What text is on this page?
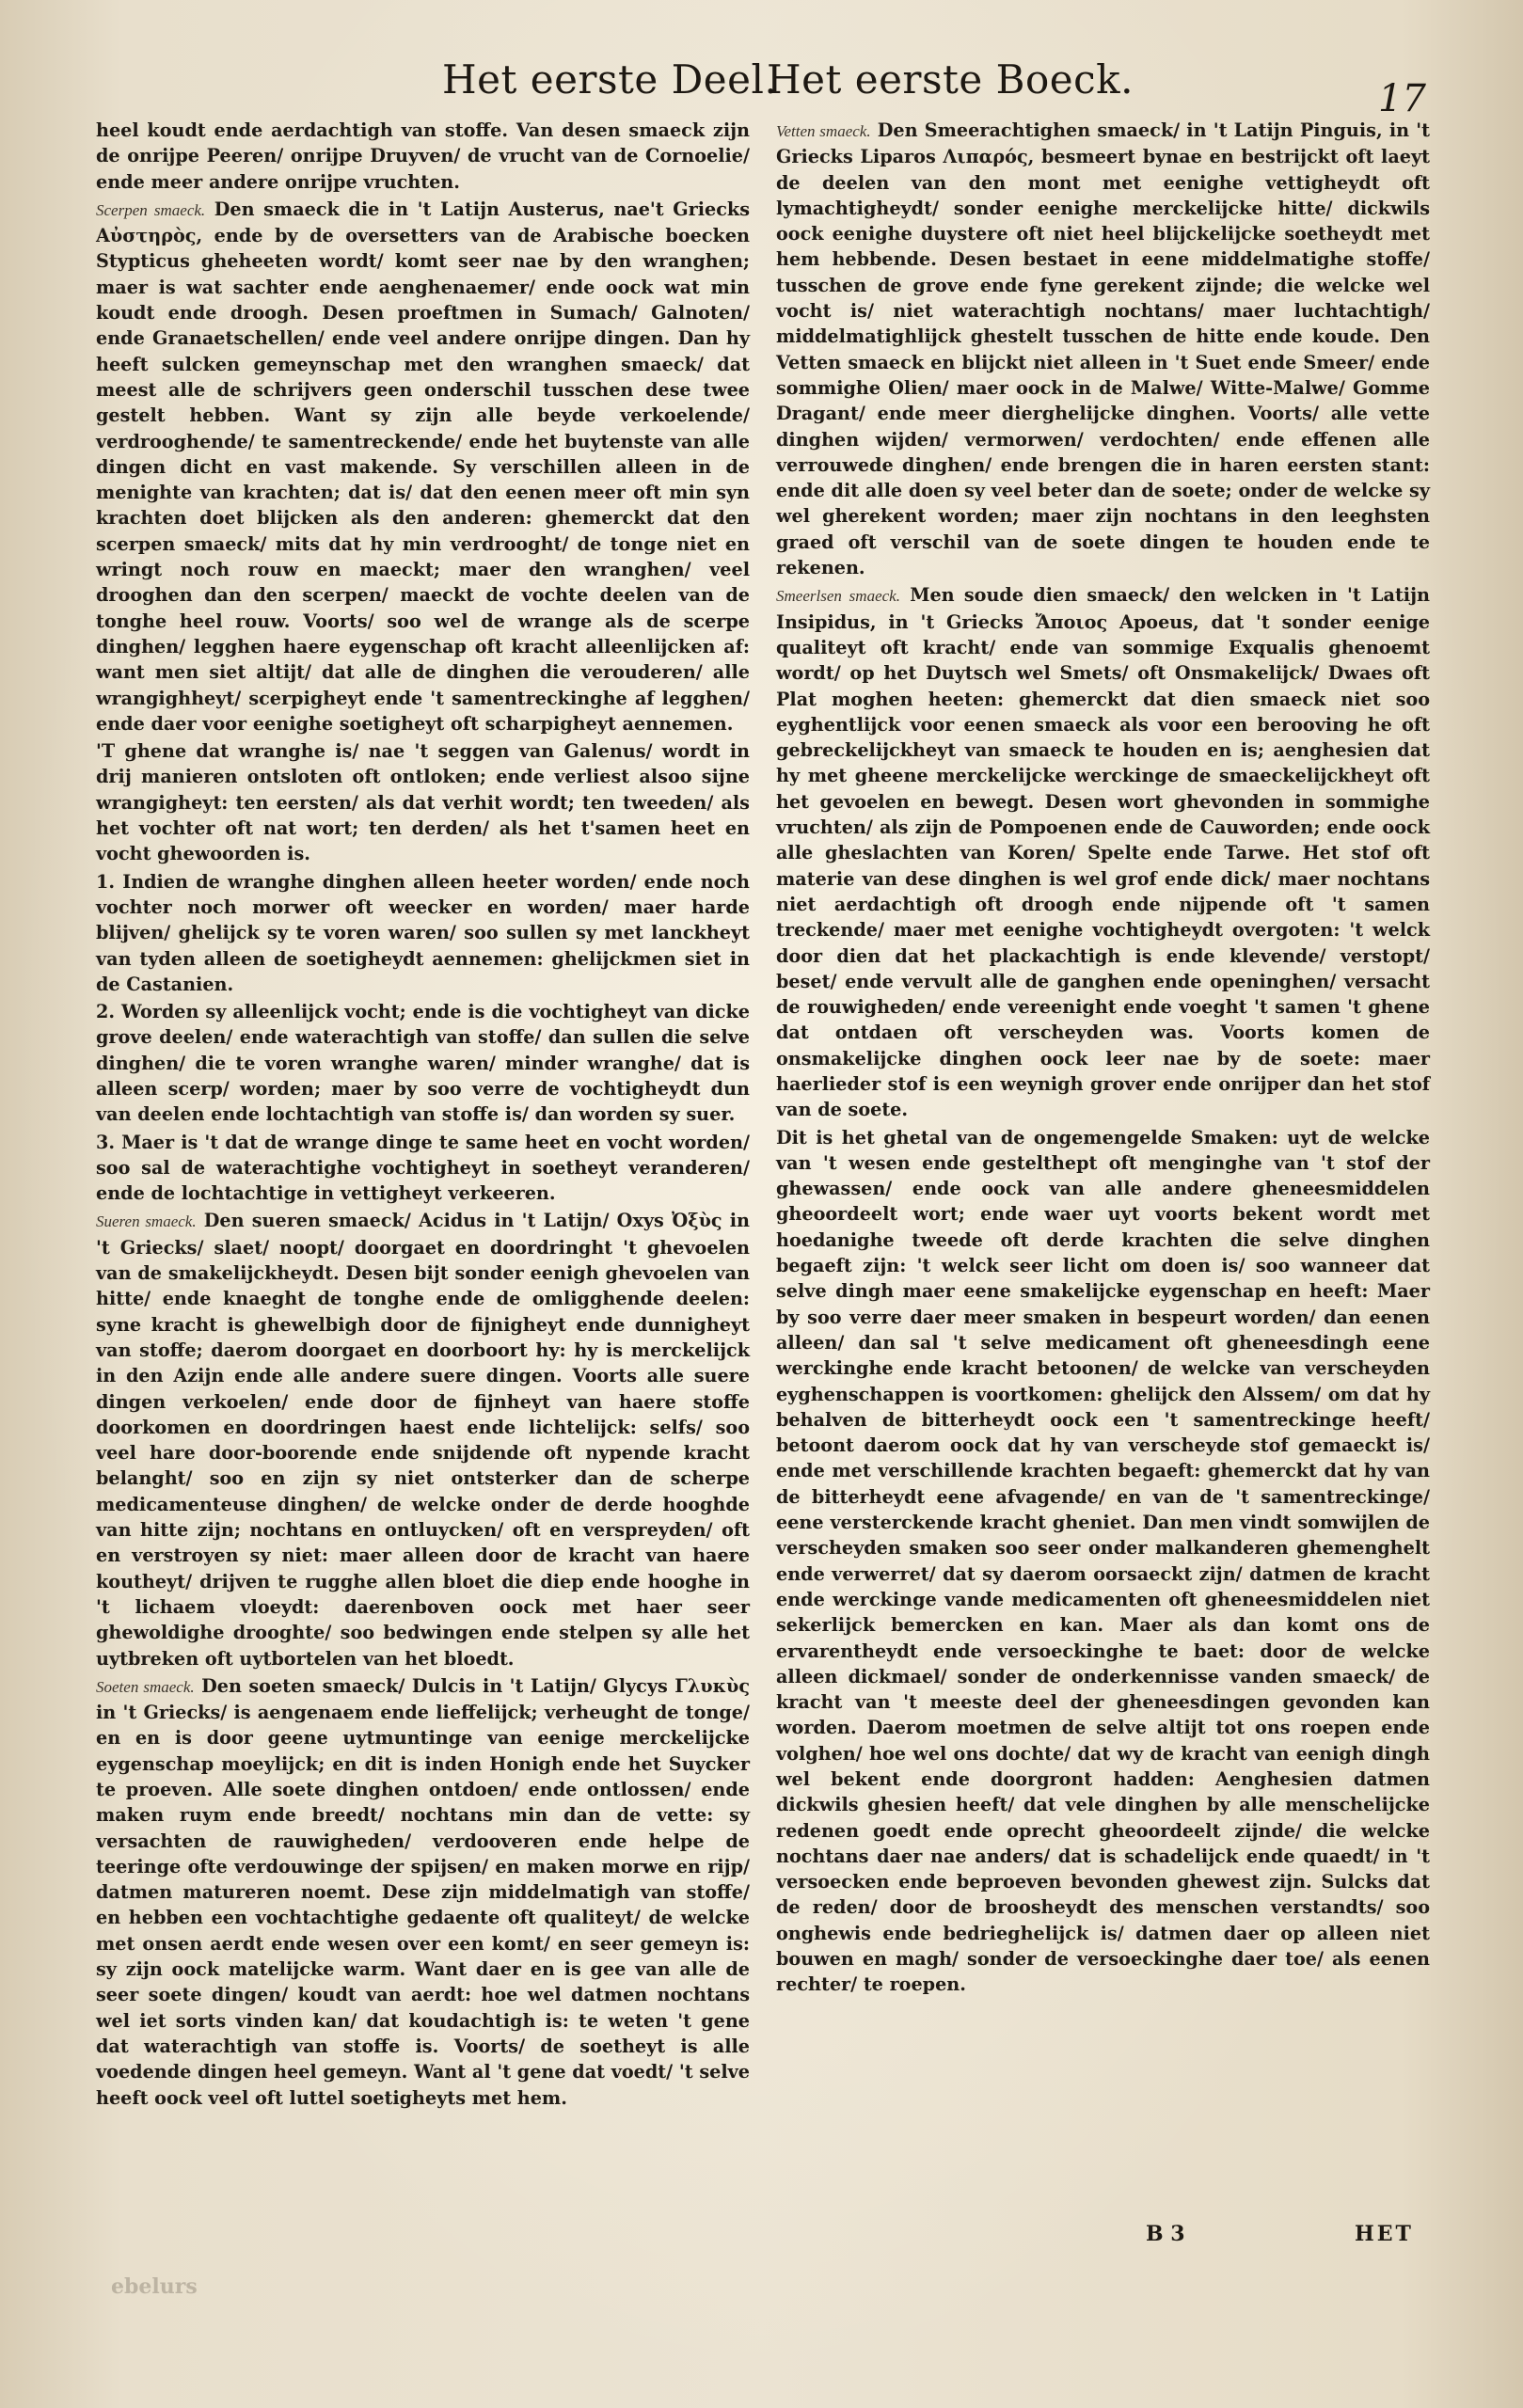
Het eerste Deel.
Het eerste Boeck.	17

heel koudt ende aerdachtigh van stoffe. Van desen smaeck zijn de onrijpe Peeren/ onrijpe Druyven/ de vrucht van de Cornoelie/ ende meer andere onrijpe vruchten.

Scerpen smaeck. Den smaeck die in 't Latijn Austerus, nae't Griecks Αὐστηρὸς, ende by de oversetters van de Arabische boecken Stypticus gheheeten wordt/ komt seer nae by den wranghen; maer is wat sachter ende aenghenaemer/ ende oock wat min koudt ende droogh. Desen proeftmen in Sumach/ Galnoten/ ende Granaetschellen/ ende veel andere onrijpe dingen. Dan hy heeft sulcken gemeynschap met den wranghen smaeck/ dat meest alle de schrijvers geen onderschil tusschen dese twee gestelt hebben. Want sy zijn alle beyde verkoelende/ verdrooghende/ te samentreckende/ ende het buytenste van alle dingen dicht en vast makende. Sy verschillen alleen in de menighte van krachten; dat is/ dat den eenen meer oft min syn krachten doet blijcken als den anderen: ghemerckt dat den scerpen smaeck/ mits dat hy min verdrooght/ de tonge niet en wringt noch rouw en maeckt; maer den wranghen/ veel drooghen dan den scerpen/ maeckt de vochte deelen van de tonghe heel rouw. Voorts/ soo wel de wrange als de scerpe dinghen/ legghen haere eygenschap oft kracht alleenlijcken af: want men siet altijt/ dat alle de dinghen die verouderen/ alle wrangighheyt/ scerpigheyt ende 't samentreckinghe af legghen/ ende daer voor eenighe soetigheyt oft scharpigheyt aennemen.

'T ghene dat wranghe is/ nae 't seggen van Galenus/ wordt in drij manieren ontsloten oft ontloken; ende verliest alsoo sijne wrangigheyt: ten eersten/ als dat verhit wordt; ten tweeden/ als het vochter oft nat wort; ten derden/ als het t'samen heet en vocht ghewoorden is.

1. Indien de wranghe dinghen alleen heeter worden/ ende noch vochter noch morwer oft weecker en worden/ maer harde blijven/ ghelijck sy te voren waren/ soo sullen sy met lanckheyt van tyden alleen de soetigheydt aennemen: ghelijckmen siet in de Castanien.

2. Worden sy alleenlijck vocht; ende is die vochtigheyt van dicke grove deelen/ ende waterachtigh van stoffe/ dan sullen die selve dinghen/ die te voren wranghe waren/ minder wranghe/ dat is alleen scerp/ worden; maer by soo verre de vochtigheydt dun van deelen ende lochtachtigh van stoffe is/ dan worden sy suer.

3. Maer is 't dat de wrange dinge te same heet en vocht worden/ soo sal de waterachtighe vochtigheyt in soetheyt veranderen/ ende de lochtachtige in vettigheyt verkeeren.

Sueren smaeck. Den sueren smaeck/ Acidus in 't Latijn/ Oxys Ὀξὺς in 't Griecks/ slaet/ noopt/ doorgaet en doordringht 't ghevoelen van de smakelijckheydt. Desen bijt sonder eenigh ghevoelen van hitte/ ende knaeght de tonghe ende de omligghende deelen: syne kracht is ghewelbigh door de fijnigheyt ende dunnigheyt van stoffe; daerom doorgaet en doorboort hy: hy is merckelijck in den Azijn ende alle andere suere dingen. Voorts alle suere dingen verkoelen/ ende door de fijnheyt van haere stoffe doorkomen en doordringen haest ende lichtelijck: selfs/ soo veel hare door-boorende ende snijdende oft nypende kracht belanght/ soo en zijn sy niet ontsterker dan de scherpe medicamenteuse dinghen/ de welcke onder de derde hooghde van hitte zijn; nochtans en ontluycken/ oft en verspreyden/ oft en verstroyen sy niet: maer alleen door de kracht van haere koutheyt/ drijven te rugghe allen bloet die diep ende hooghe in 't lichaem vloeydt: daerenboven oock met haer seer ghewoldighe drooghte/ soo bedwingen ende stelpen sy alle het uytbreken oft uytbortelen van het bloedt.

Soeten smaeck. Den soeten smaeck/ Dulcis in 't Latijn/ Glycys Γλυκὺς in 't Griecks/ is aengenaem ende lieffelijck; verheught de tonge/ en en is door geene uytmuntinge van eenige merckelijcke eygenschap moeylijck; en dit is inden Honigh ende het Suycker te proeven. Alle soete dinghen ontdoen/ ende ontlossen/ ende maken ruym ende breedt/ nochtans min dan de vette: sy versachten de rauwigheden/ verdooveren ende helpe de teeringe ofte verdouwinge der spijsen/ en maken morwe en rijp/ datmen matureren noemt. Dese zijn middelmatigh van stoffe/ en hebben een vochtachtighe gedaente oft qualiteyt/ de welcke met onsen aerdt ende wesen over een komt/ en seer gemeyn is: sy zijn oock matelijcke warm. Want daer en is gee van alle de seer soete dingen/ koudt van aerdt: hoe wel datmen nochtans wel iet sorts vinden kan/ dat koudachtigh is: te weten 't gene dat waterachtigh van stoffe is. Voorts/ de soetheyt is alle voedende dingen heel gemeyn. Want al 't gene dat voedt/ 't selve heeft oock veel oft luttel soetigheyts met hem.

Vetten smaeck. Den Smeerachtighen smaeck/ in 't Latijn Pinguis, in 't Griecks Liparos Λιπαρός, besmeert bynae en bestrijckt oft laeyt de deelen van den mont met eenighe vettigheydt oft lymachtigheydt/ sonder eenighe merckelijcke hitte/ dickwils oock eenighe duystere oft niet heel blijckelijcke soetheydt met hem hebbende. Desen bestaet in eene middelmatighe stoffe/ tusschen de grove ende fyne gerekent zijnde; die welcke wel vocht is/ niet waterachtigh nochtans/ maer luchtachtigh/ middelmatighlijck ghestelt tusschen de hitte ende koude. Den Vetten smaeck en blijckt niet alleen in 't Suet ende Smeer/ ende sommighe Olien/ maer oock in de Malwe/ Witte-Malwe/ Gomme Dragant/ ende meer dierghelijcke dinghen. Voorts/ alle vette dinghen wijden/ vermorwen/ verdochten/ ende effenen alle verrouwede dinghen/ ende brengen die in haren eersten stant: ende dit alle doen sy veel beter dan de soete; onder de welcke sy wel gherekent worden; maer zijn nochtans in den leeghsten graed oft verschil van de soete dingen te houden ende te rekenen.

Smeerlsen smaeck. Men soude dien smaeck/ den welcken in 't Latijn Insipidus, in 't Griecks Ἄποιος Apoeus, dat 't sonder eenige qualiteyt oft kracht/ ende van sommige Exqualis ghenoemt wordt/ op het Duytsch wel Smets/ oft Onsmakelijck/ Dwaes oft Plat moghen heeten: ghemerckt dat dien smaeck niet soo eyghentlijck voor eenen smaeck als voor een berooving he oft gebreckelijckheyt van smaeck te houden en is; aenghesien dat hy met gheene merckelijcke werckinge de smaeckelijckheyt oft het gevoelen en bewegt. Desen wort ghevonden in sommighe vruchten/ als zijn de Pompoenen ende de Cauworden; ende oock alle gheslachten van Koren/ Spelte ende Tarwe. Het stof oft materie van dese dinghen is wel grof ende dick/ maer nochtans niet aerdachtigh oft droogh ende nijpende oft 't samen treckende/ maer met eenighe vochtigheydt overgoten: 't welck door dien dat het plackachtigh is ende klevende/ verstopt/ beset/ ende vervult alle de ganghen ende openinghen/ versacht de rouwigheden/ ende vereenight ende voeght 't samen 't ghene dat ontdaen oft verscheyden was. Voorts komen de onsmakelijcke dinghen oock leer nae by de soete: maer haerlieder stof is een weynigh grover ende onrijper dan het stof van de soete.

Dit is het ghetal van de ongemengelde Smaken: uyt de welcke van 't wesen ende gestelthept oft menginghe van 't stof der ghewassen/ ende oock van alle andere gheneesmiddelen gheoordeelt wort; ende waer uyt voorts bekent wordt met hoedanighe tweede oft derde krachten die selve dinghen begaeft zijn: 't welck seer licht om doen is/ soo wanneer dat selve dingh maer eene smakelijcke eygenschap en heeft: Maer by soo verre daer meer smaken in bespeurt worden/ dan eenen alleen/ dan sal 't selve medicament oft gheneesdingh eene werckinghe ende kracht betoonen/ de welcke van verscheyden eyghenschappen is voortkomen: ghelijck den Alssem/ om dat hy behalven de bitterheydt oock een 't samentreckinge heeft/ betoont daerom oock dat hy van verscheyde stof gemaeckt is/ ende met verschillende krachten begaeft: ghemerckt dat hy van de bitterheydt eene afvagende/ en van de 't samentreckinge/ eene versterckende kracht gheniet. Dan men vindt somwijlen de verscheyden smaken soo seer onder malkanderen ghemenghelt ende verwerret/ dat sy daerom oorsaeckt zijn/ datmen de kracht ende werckinge vande medicamenten oft gheneesmiddelen niet sekerlijck bemercken en kan. Maer als dan komt ons de ervarentheydt ende versoeckinghe te baet: door de welcke alleen dickmael/ sonder de onderkennisse vanden smaeck/ de kracht van 't meeste deel der gheneesdingen gevonden kan worden. Daerom moetmen de selve altijt tot ons roepen ende volghen/ hoe wel ons dochte/ dat wy de kracht van eenigh dingh wel bekent ende doorgront hadden: Aenghesien datmen dickwils ghesien heeft/ dat vele dinghen by alle menschelijcke redenen goedt ende oprecht gheoordeelt zijnde/ die welcke nochtans daer nae anders/ dat is schadelijck ende quaedt/ in 't versoecken ende beproeven bevonden ghewest zijn. Sulcks dat de reden/ door de broosheydt des menschen verstandts/ soo onghewis ende bedrieghelijck is/ datmen daer op alleen niet bouwen en magh/ sonder de versoeckinghe daer toe/ als eenen rechter/ te roepen.

B 3	HET
ebelurs
